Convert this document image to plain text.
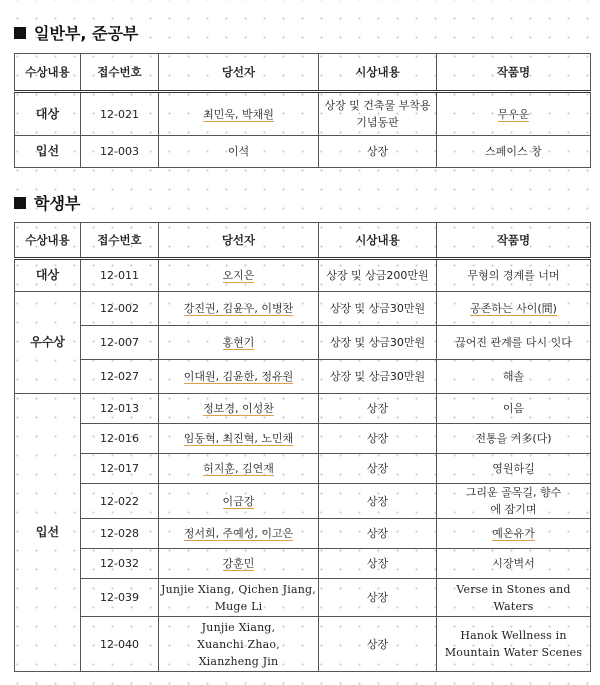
일반부, 준공부
수상내용	접수번호	당선자	시상내용	작품명
대상	12-021	최민욱, 박채원	상장 및 건축물 부착용 기념동판	무우운
입선	12-003	이석	상장	스페이스 창
학생부
수상내용	접수번호	당선자	시상내용	작품명
대상	12-011	오지은	상장 및 상금200만원	무형의 경계를 너머
우수상	12-002	강진권, 김윤우, 이병찬	상장 및 상금30만원	공존하는 사이(間)
	12-007	홍현기	상장 및 상금30만원	끊어진 관계를 다시 잇다
	12-027	이대원, 김윤한, 정유원	상장 및 상금30만원	해솔
입선	12-013	정보경, 이성찬	상장	이음
	12-016	임동혁, 최진혁, 노민채	상장	전통을 켜多(다)
	12-017	허지훈, 김연재	상장	영원하길
	12-022	이금강	상장	그리운 골목길, 향수에 잠기며
	12-028	정서희, 주예성, 이고은	상장	예온유가
	12-032	강훈민	상장	시장벽서
	12-039	Junjie Xiang, Qichen Jiang, Muge Li	상장	Verse in Stones and Waters
	12-040	Junjie Xiang, Xuanchi Zhao, Xianzheng Jin	상장	Hanok Wellness in Mountain Water Scenes
